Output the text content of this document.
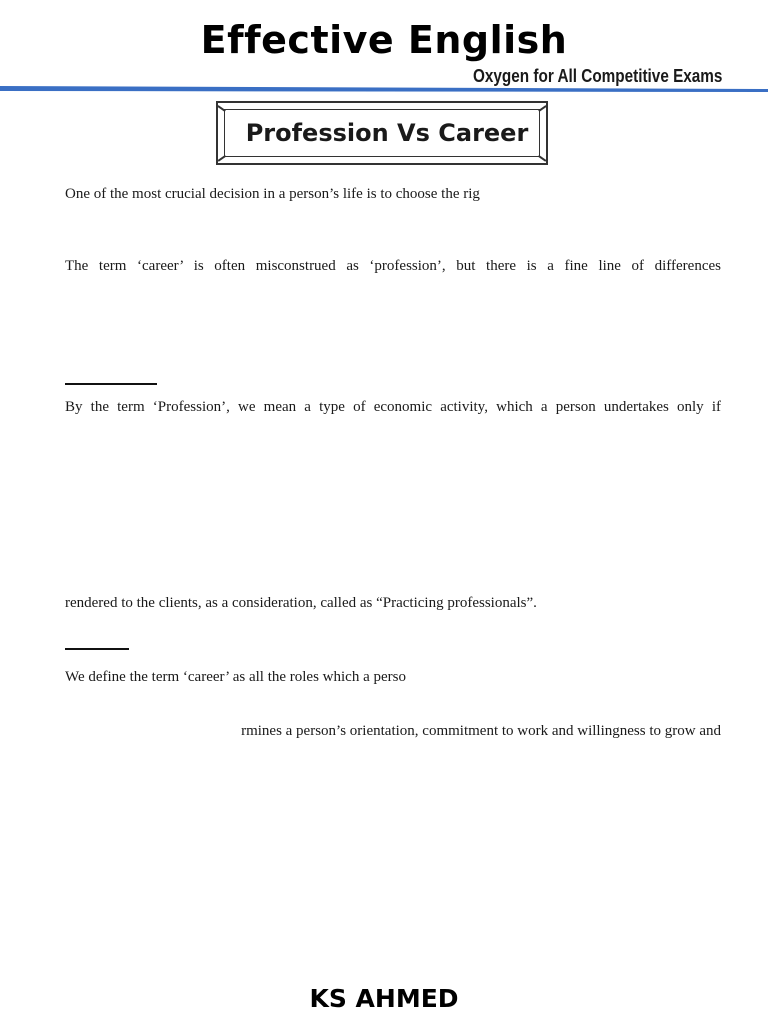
Effective English
Oxygen for All Competitive Exams
Profession Vs Career
One of the most crucial decision in a person’s life is to choose the rig
The term ‘career’ is often misconstrued as ‘profession’, but there is a fine line of differences
By the term ‘Profession’, we mean a type of economic activity, which a person undertakes only if
rendered to the clients, as a consideration, called as “Practicing professionals”.
We define the term ‘career’ as all the roles which a perso
rmines a person’s orientation, commitment to work and willingness to grow and
KS AHMED
